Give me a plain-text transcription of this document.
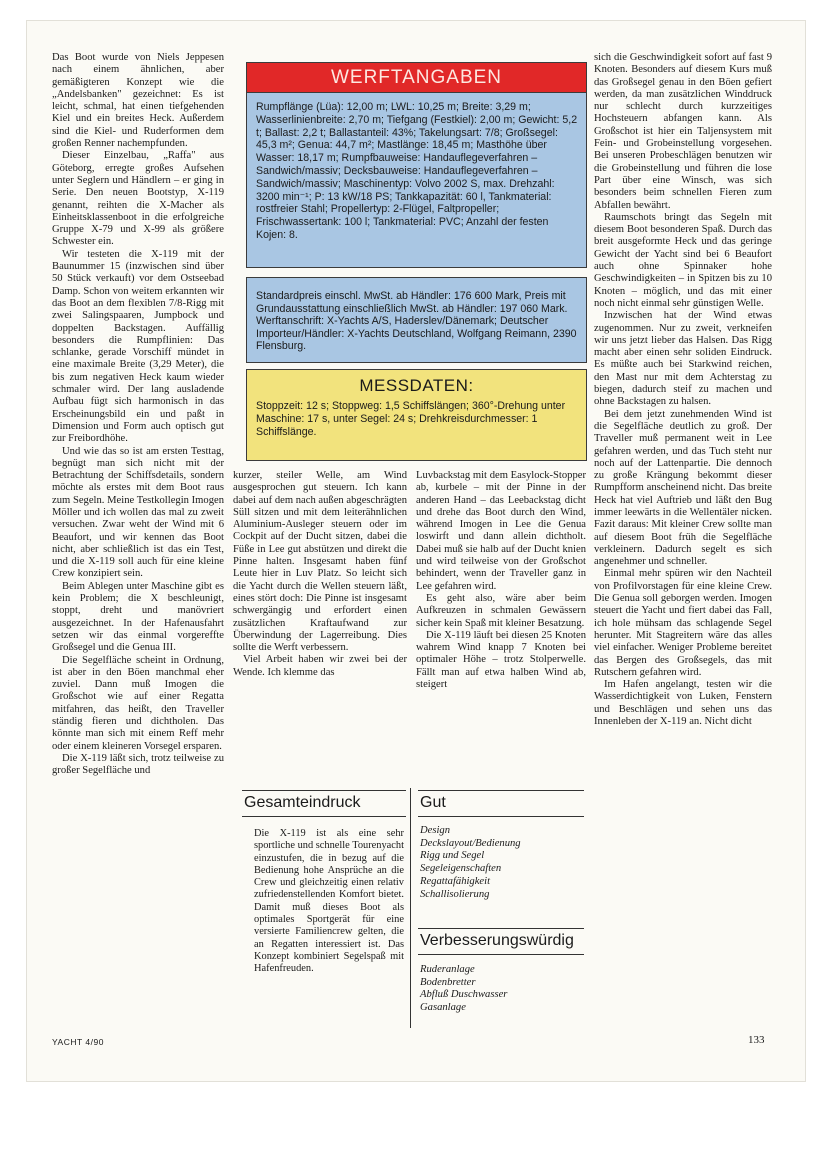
Das Boot wurde von Niels Jeppesen nach einem ähnlichen, aber gemäßigteren Konzept wie die „Andelsbanken" gezeichnet: Es ist leicht, schmal, hat einen tiefgehenden Kiel und ein breites Heck. Außerdem sind die Kiel- und Ruderformen dem großen Renner nachempfunden.

Dieser Einzelbau, „Raffa" aus Göteborg, erregte großes Aufsehen unter Seglern und Händlern – er ging in Serie. Den neuen Bootstyp, X-119 genannt, reihten die X-Macher als Einheitsklassenboot in die erfolgreiche Gruppe X-79 und X-99 als größere Schwester ein.

Wir testeten die X-119 mit der Baunummer 15 (inzwischen sind über 50 Stück verkauft) vor dem Ostseebad Damp. Schon von weitem erkannten wir das Boot an dem flexiblen 7/8-Rigg mit zwei Salingspaaren, Jumpbock und doppelten Backstagen. Auffällig besonders die Rumpflinien: Das schlanke, gerade Vorschiff mündet in eine maximale Breite (3,29 Meter), die bis zum negativen Heck kaum wieder schmaler wird. Der lang ausladende Aufbau fügt sich harmonisch in das Erscheinungsbild ein und paßt in Dimension und Form auch optisch gut zur Freibordhöhe.

Und wie das so ist am ersten Testtag, begnügt man sich nicht mit der Betrachtung der Schiffsdetails, sondern möchte als erstes mit dem Boot raus zum Segeln. Meine Testkollegin Imogen Möller und ich wollen das mal zu zweit versuchen. Zwar weht der Wind mit 6 Beaufort, und wir kennen das Boot nicht, aber schließlich ist das ein Test, und die X-119 soll auch für eine kleine Crew konzipiert sein.

Beim Ablegen unter Maschine gibt es kein Problem; die X beschleunigt, stoppt, dreht und manövriert ausgezeichnet. In der Hafenausfahrt setzen wir das einmal vorgereffte Großsegel und die Genua III.

Die Segelfläche scheint in Ordnung, ist aber in den Böen manchmal eher zuviel. Dann muß Imogen die Großschot wie auf einer Regatta mitfahren, das heißt, den Traveller ständig fieren und dichtholen. Das könnte man sich mit einem Reff mehr oder einem kleineren Vorsegel ersparen.

Die X-119 läßt sich, trotz teilweise zu großer Segelfläche und

WERFTANGABEN
Rumpflänge (Lüa): 12,00 m; LWL: 10,25 m; Breite: 3,29 m; Wasserlinienbreite: 2,70 m; Tiefgang (Festkiel): 2,00 m; Gewicht: 5,2 t; Ballast: 2,2 t; Ballastanteil: 43%; Takelungsart: 7/8; Großsegel: 45,3 m²; Genua: 44,7 m²; Mastlänge: 18,45 m; Masthöhe über Wasser: 18,17 m; Rumpfbauweise: Handauflegeverfahren – Sandwich/massiv; Decksbauweise: Handauflegeverfahren – Sandwich/massiv; Maschinentyp: Volvo 2002 S, max. Drehzahl: 3200 min⁻¹; P: 13 kW/18 PS; Tankkapazität: 60 l, Tankmaterial: rostfreier Stahl; Propellertyp: 2-Flügel, Faltpropeller; Frischwassertank: 100 l; Tankmaterial: PVC; Anzahl der festen Kojen: 8.
Standardpreis einschl. MwSt. ab Händler: 176 600 Mark, Preis mit Grundausstattung einschließlich MwSt. ab Händler: 197 060 Mark. Werftanschrift: X-Yachts A/S, Haderslev/Dänemark; Deutscher Importeur/Händler: X-Yachts Deutschland, Wolfgang Reimann, 2390 Flensburg.
MESSDATEN:
Stoppzeit: 12 s; Stoppweg: 1,5 Schiffslängen; 360°-Drehung unter Maschine: 17 s, unter Segel: 24 s; Drehkreisdurchmesser: 1 Schiffslänge.

kurzer, steiler Welle, am Wind ausgesprochen gut steuern. Ich kann dabei auf dem nach außen abgeschrägten Süll sitzen und mit dem leiterähnlichen Aluminium-Ausleger steuern oder im Cockpit auf der Ducht sitzen, dabei die Füße in Lee gut abstützen und direkt die Pinne halten. Insgesamt haben fünf Leute hier in Luv Platz. So leicht sich die Yacht durch die Wellen steuern läßt, eines stört doch: Die Pinne ist insgesamt schwergängig und erfordert einen zusätzlichen Kraftaufwand zur Überwindung der Lagerreibung. Dies sollte die Werft verbessern.

Viel Arbeit haben wir zwei bei der Wende. Ich klemme das

Luvbackstag mit dem Easylock-Stopper ab, kurbele – mit der Pinne in der anderen Hand – das Leebackstag dicht und drehe das Boot durch den Wind, während Imogen in Lee die Genua loswirft und dann allein dichtholt. Dabei muß sie halb auf der Ducht knien und wird teilweise von der Großschot behindert, wenn der Traveller ganz in Lee gefahren wird.

Es geht also, wäre aber beim Aufkreuzen in schmalen Gewässern sicher kein Spaß mit kleiner Besatzung.

Die X-119 läuft bei diesen 25 Knoten wahrem Wind knapp 7 Knoten bei optimaler Höhe – trotz Stolperwelle. Fällt man auf etwa halben Wind ab, steigert

Gesamteindruck
Die X-119 ist als eine sehr sportliche und schnelle Tourenyacht einzustufen, die in bezug auf die Bedienung hohe Ansprüche an die Crew und gleichzeitig einen relativ zufriedenstellenden Komfort bietet. Damit muß dieses Boot als optimales Sportgerät für eine versierte Familiencrew gelten, die an Regatten interessiert ist. Das Konzept kombiniert Segelspaß mit Hafenfreuden.
Gut
Design
Deckslayout/Bedienung
Rigg und Segel
Segeleigenschaften
Regattafähigkeit
Schallisolierung
Verbesserungswürdig
Ruderanlage
Bodenbretter
Abfluß Duschwasser
Gasanlage

sich die Geschwindigkeit sofort auf fast 9 Knoten. Besonders auf diesem Kurs muß das Großsegel genau in den Böen gefiert werden, da man zusätzlichen Winddruck nur schlecht durch kurzzeitiges Hochsteuern abfangen kann. Als Großschot ist hier ein Taljensystem mit Fein- und Grobeinstellung vorgesehen. Bei unseren Probeschlägen benutzen wir die Grobeinstellung und führen die lose Part über eine Winsch, was sich besonders beim schnellen Fieren zum Abfallen bewährt.

Raumschots bringt das Segeln mit diesem Boot besonderen Spaß. Durch das breit ausgeformte Heck und das geringe Gewicht der Yacht sind bei 6 Beaufort auch ohne Spinnaker hohe Geschwindigkeiten – in Spitzen bis zu 10 Knoten – möglich, und das mit einer noch nicht einmal sehr günstigen Welle.

Inzwischen hat der Wind etwas zugenommen. Nur zu zweit, verkneifen wir uns jetzt lieber das Halsen. Das Rigg macht aber einen sehr soliden Eindruck. Es müßte auch bei Starkwind reichen, den Mast nur mit dem Achterstag zu biegen, dadurch steif zu machen und ohne Backstagen zu halsen.

Bei dem jetzt zunehmenden Wind ist die Segelfläche deutlich zu groß. Der Traveller muß permanent weit in Lee gefahren werden, und das Tuch steht nur noch auf der Lattenpartie. Die dennoch zu große Krängung bekommt dieser Rumpfform anscheinend nicht. Das breite Heck hat viel Auftrieb und läßt den Bug immer leewärts in die Wellentäler nicken. Fazit daraus: Mit kleiner Crew sollte man auf diesem Boot früh die Segelfläche verkleinern. Dadurch segelt es sich angenehmer und schneller.

Einmal mehr spüren wir den Nachteil von Profilvorstagen für eine kleine Crew. Die Genua soll geborgen werden. Imogen steuert die Yacht und fiert dabei das Fall, ich hole mühsam das schlagende Segel herunter. Mit Stagreitern wäre das alles viel einfacher. Weniger Probleme bereitet das Bergen des Großsegels, das mit Rutschern gefahren wird.

Im Hafen angelangt, testen wir die Wasserdichtigkeit von Luken, Fenstern und Beschlägen und sehen uns das Innenleben der X-119 an. Nicht dicht

YACHT 4/90	133
